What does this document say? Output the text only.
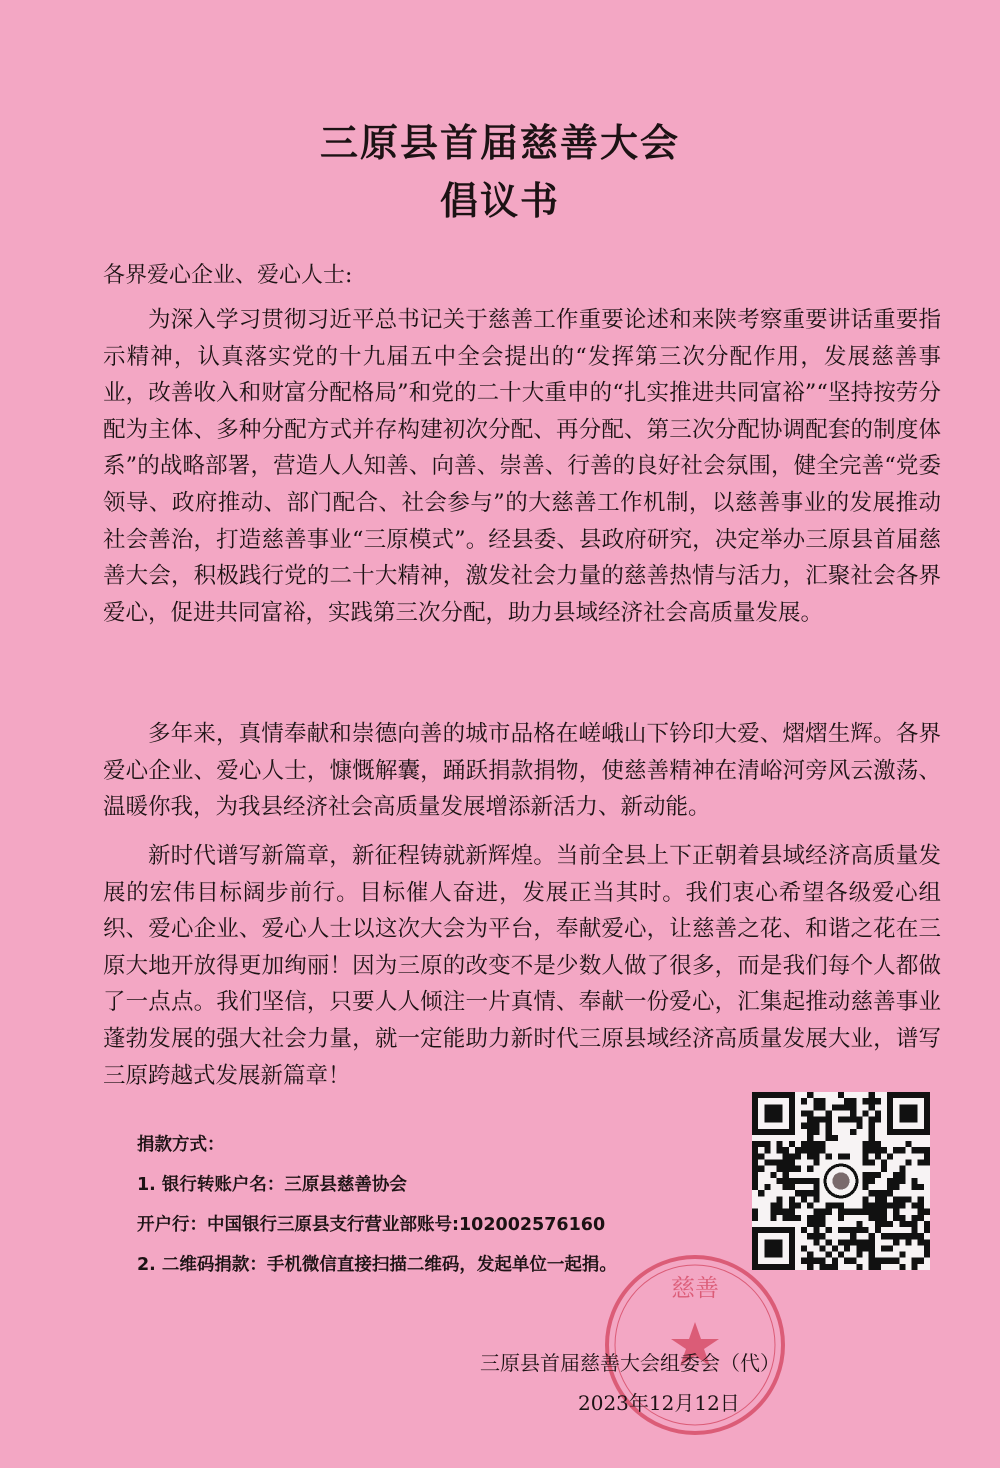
三原县首届慈善大会
倡议书
各界爱心企业、爱心人士:

为深入学习贯彻习近平总书记关于慈善工作重要论述和来陕考察重要讲话重要指示精神，认真落实党的十九届五中全会提出的“发挥第三次分配作用，发展慈善事业，改善收入和财富分配格局”和党的二十大重申的“扎实推进共同富裕”“坚持按劳分配为主体、多种分配方式并存构建初次分配、再分配、第三次分配协调配套的制度体系”的战略部署，营造人人知善、向善、崇善、行善的良好社会氛围，健全完善“党委领导、政府推动、部门配合、社会参与”的大慈善工作机制，以慈善事业的发展推动社会善治，打造慈善事业“三原模式”。经县委、县政府研究，决定举办三原县首届慈善大会，积极践行党的二十大精神，激发社会力量的慈善热情与活力，汇聚社会各界爱心，促进共同富裕，实践第三次分配，助力县域经济社会高质量发展。

多年来，真情奉献和崇德向善的城市品格在嵯峨山下钤印大爱、熠熠生辉。各界爱心企业、爱心人士，慷慨解囊，踊跃捐款捐物，使慈善精神在清峪河旁风云激荡、温暖你我，为我县经济社会高质量发展增添新活力、新动能。

新时代谱写新篇章，新征程铸就新辉煌。当前全县上下正朝着县域经济高质量发展的宏伟目标阔步前行。目标催人奋进，发展正当其时。我们衷心希望各级爱心组织、爱心企业、爱心人士以这次大会为平台，奉献爱心，让慈善之花、和谐之花在三原大地开放得更加绚丽！因为三原的改变不是少数人做了很多，而是我们每个人都做了一点点。我们坚信，只要人人倾注一片真情、奉献一份爱心，汇集起推动慈善事业蓬勃发展的强大社会力量，就一定能助力新时代三原县域经济高质量发展大业，谱写三原跨越式发展新篇章！

捐款方式：
1. 银行转账户名：三原县慈善协会
开户行：中国银行三原县支行营业部账号:102002576160
2. 二维码捐款：手机微信直接扫描二维码，发起单位一起捐。
慈善
三原县首届慈善大会组委会（代）
2023年12月12日
